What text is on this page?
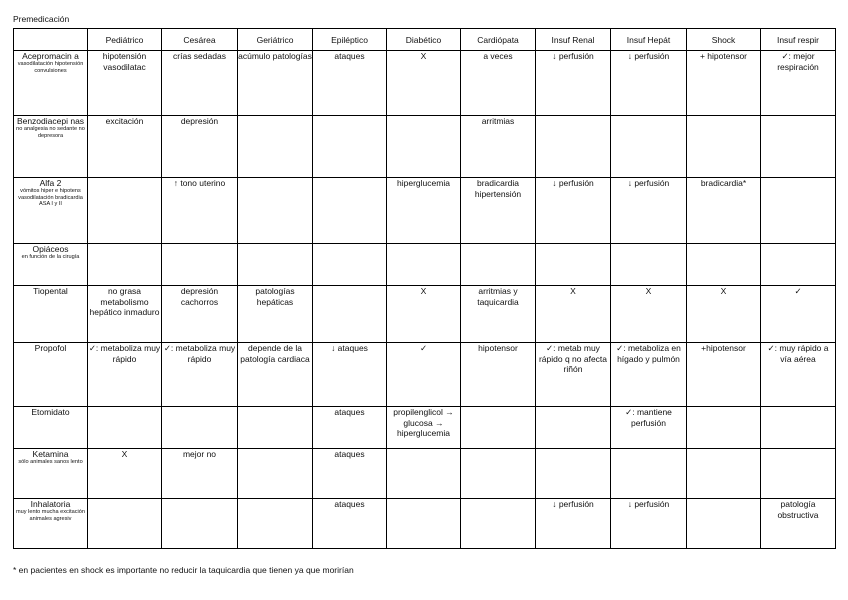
Premedicación
	Pediátrico	Cesárea	Geriátrico	Epiléptico	Diabético	Cardiópata	Insuf Renal	Insuf Hepát	Shock	Insuf respir

Acepromacin a
vasodilatación hipotensión convulsiones	hipotensión vasodilatac	crías sedadas	acúmulo patologías	ataques	X	a veces	↓ perfusión	↓ perfusión	+ hipotensor	✓: mejor respiración

Benzodiacepi nas
no analgesia no sedante no depresora	excitación	depresión				arritmias				

Alfa 2
vómitos hiper e hipotens vasodilatación bradicardia ASA I y II		↑ tono uterino			hiperglucemia	bradicardia hipertensión	↓ perfusión	↓ perfusión	bradicardia*	

Opiáceos
en función de la cirugía										

Tiopental	no grasa metabolismo hepático inmaduro	depresión cachorros	patologías hepáticas		X	arritmias y taquicardia	X	X	X	✓

Propofol	✓: metaboliza muy rápido	✓: metaboliza muy rápido	depende de la patología cardiaca	↓ ataques	✓	hipotensor	✓: metab muy rápido q no afecta riñón	✓: metaboliza en hígado y pulmón	+hipotensor	✓: muy rápido a vía aérea

Etomidato				ataques	propilenglicol → glucosa → hiperglucemia			✓: mantiene perfusión		

Ketamina
sólo animales sanos lento	X	mejor no		ataques						

Inhalatoria
muy lento mucha excitación animales agresiv				ataques			↓ perfusión	↓ perfusión		patología obstructiva
* en pacientes en shock es importante no reducir la taquicardia que tienen ya que morirían
